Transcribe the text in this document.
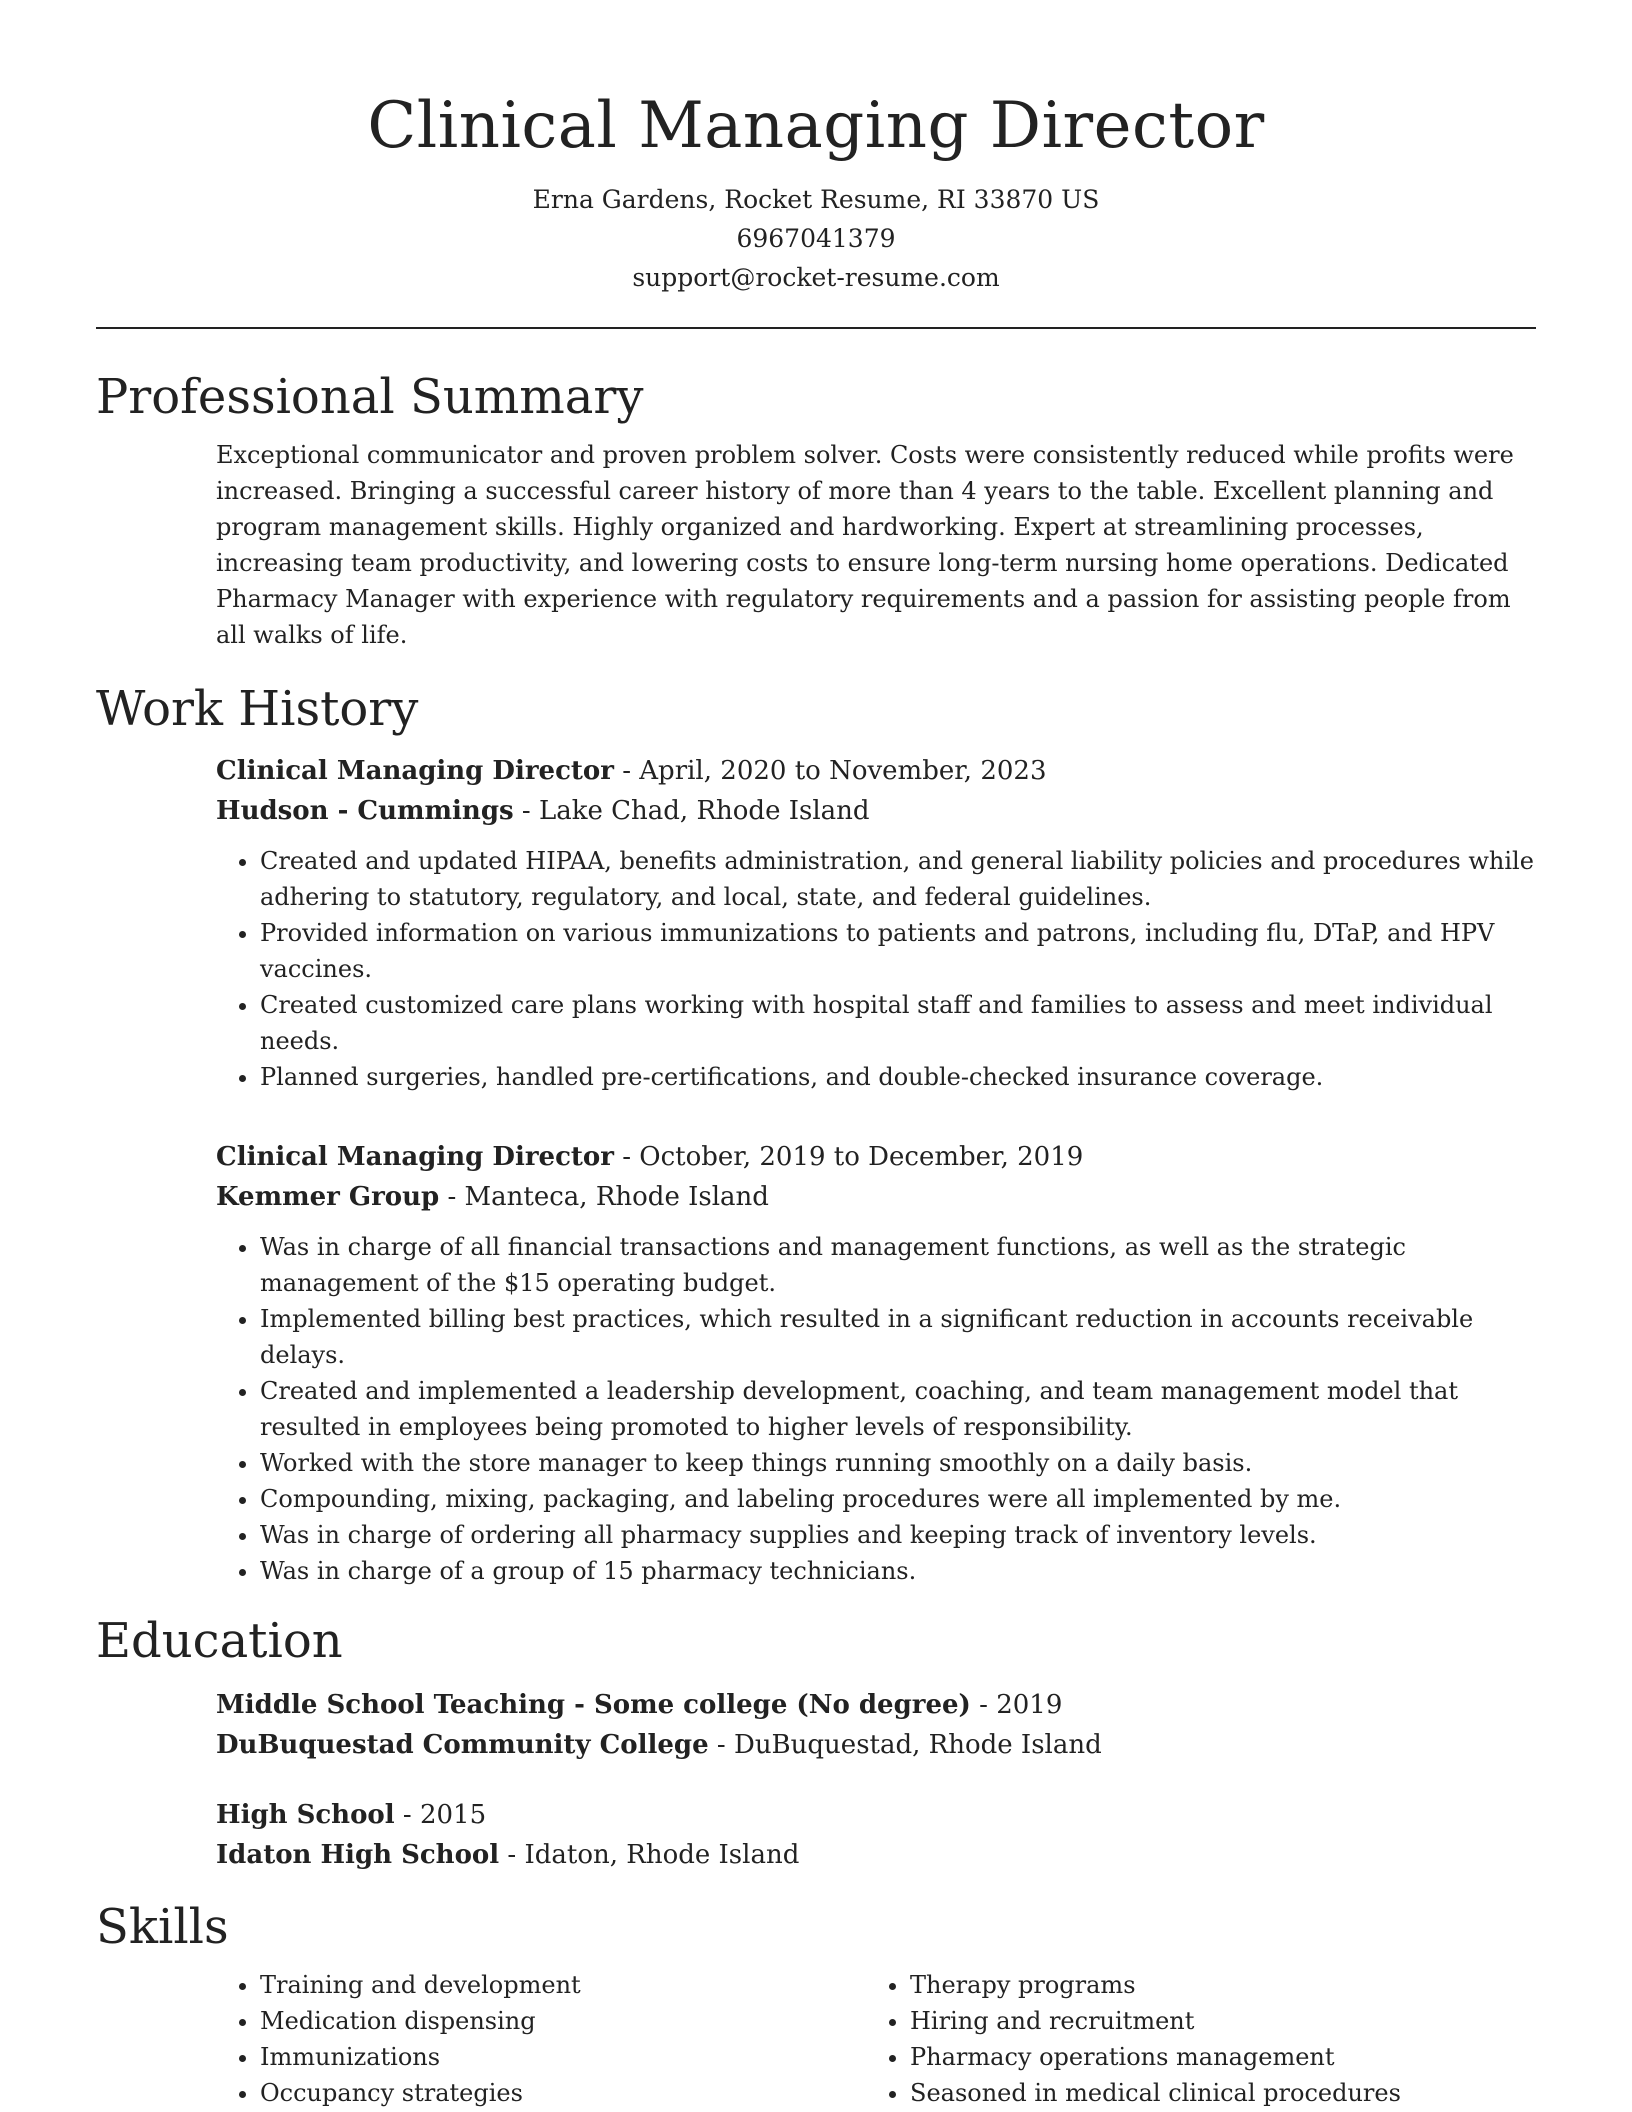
Clinical Managing Director
Erna Gardens, Rocket Resume, RI 33870 US
6967041379
support@rocket-resume.com
Professional Summary
Exceptional communicator and proven problem solver. Costs were consistently reduced while profits were increased. Bringing a successful career history of more than 4 years to the table. Excellent planning and program management skills. Highly organized and hardworking. Expert at streamlining processes, increasing team productivity, and lowering costs to ensure long-term nursing home operations. Dedicated Pharmacy Manager with experience with regulatory requirements and a passion for assisting people from all walks of life.
Work History
Clinical Managing Director - April, 2020 to November, 2023
Hudson - Cummings - Lake Chad, Rhode Island
• Created and updated HIPAA, benefits administration, and general liability policies and procedures while adhering to statutory, regulatory, and local, state, and federal guidelines.
• Provided information on various immunizations to patients and patrons, including flu, DTaP, and HPV vaccines.
• Created customized care plans working with hospital staff and families to assess and meet individual needs.
• Planned surgeries, handled pre-certifications, and double-checked insurance coverage.
Clinical Managing Director - October, 2019 to December, 2019
Kemmer Group - Manteca, Rhode Island
• Was in charge of all financial transactions and management functions, as well as the strategic management of the $15 operating budget.
• Implemented billing best practices, which resulted in a significant reduction in accounts receivable delays.
• Created and implemented a leadership development, coaching, and team management model that resulted in employees being promoted to higher levels of responsibility.
• Worked with the store manager to keep things running smoothly on a daily basis.
• Compounding, mixing, packaging, and labeling procedures were all implemented by me.
• Was in charge of ordering all pharmacy supplies and keeping track of inventory levels.
• Was in charge of a group of 15 pharmacy technicians.
Education
Middle School Teaching - Some college (No degree) - 2019
DuBuquestad Community College - DuBuquestad, Rhode Island
High School - 2015
Idaton High School - Idaton, Rhode Island
Skills
• Training and development
• Medication dispensing
• Immunizations
• Occupancy strategies
• Therapy programs
• Hiring and recruitment
• Pharmacy operations management
• Seasoned in medical clinical procedures
